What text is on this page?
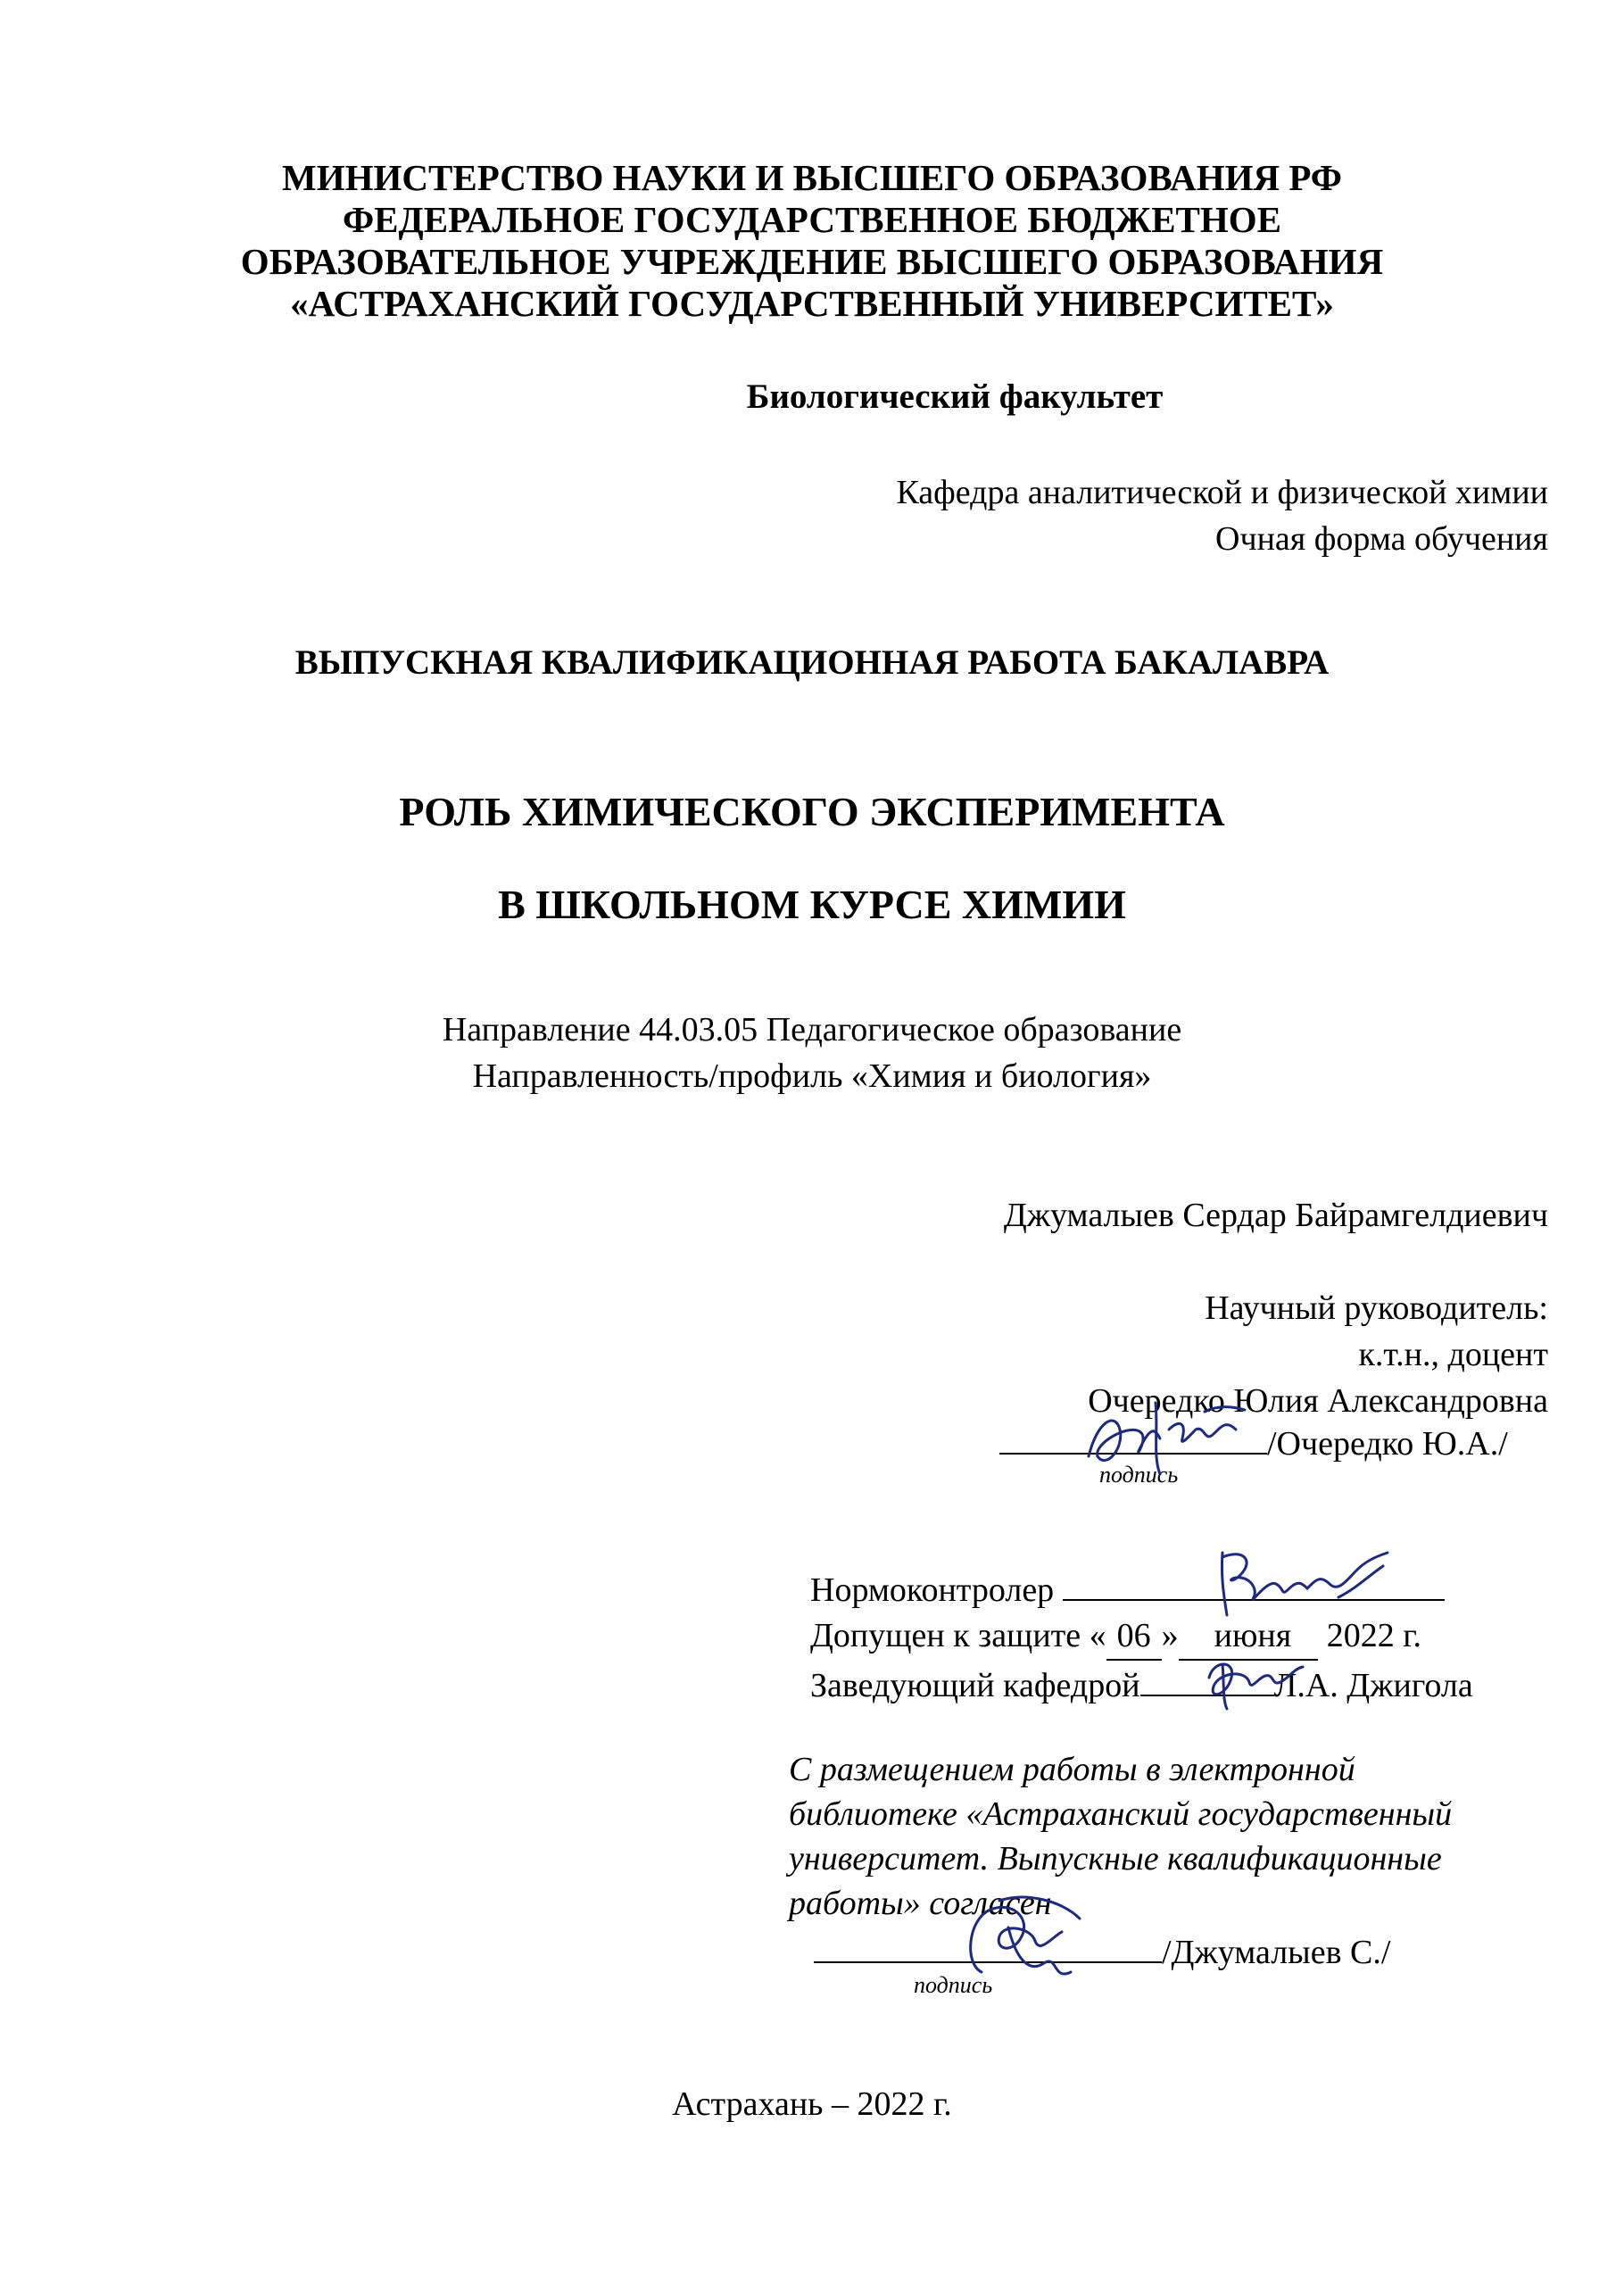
МИНИСТЕРСТВО НАУКИ И ВЫСШЕГО ОБРАЗОВАНИЯ РФ
ФЕДЕРАЛЬНОЕ ГОСУДАРСТВЕННОЕ БЮДЖЕТНОЕ
ОБРАЗОВАТЕЛЬНОЕ УЧРЕЖДЕНИЕ ВЫСШЕГО ОБРАЗОВАНИЯ
«АСТРАХАНСКИЙ ГОСУДАРСТВЕННЫЙ УНИВЕРСИТЕТ»
Биологический факультет
Кафедра аналитической и физической химии
Очная форма обучения
ВЫПУСКНАЯ КВАЛИФИКАЦИОННАЯ РАБОТА БАКАЛАВРА
РОЛЬ ХИМИЧЕСКОГО ЭКСПЕРИМЕНТА
В ШКОЛЬНОМ КУРСЕ ХИМИИ
Направление 44.03.05 Педагогическое образование
Направленность/профиль «Химия и биология»
Джумалыев Сердар Байрамгелдиевич
Научный руководитель:
к.т.н., доцент
Очередко Юлия Александровна
/Очередко Ю.А./
подпись
Нормоконтролер
Допущен к защите « 06 » июня 2022 г.
Заведующий кафедрой	Л.А. Джигола
С размещением работы в электронной
библиотеке «Астраханский государственный
университет. Выпускные квалификационные
работы» согласен
/Джумалыев С./
подпись
Астрахань – 2022 г.
